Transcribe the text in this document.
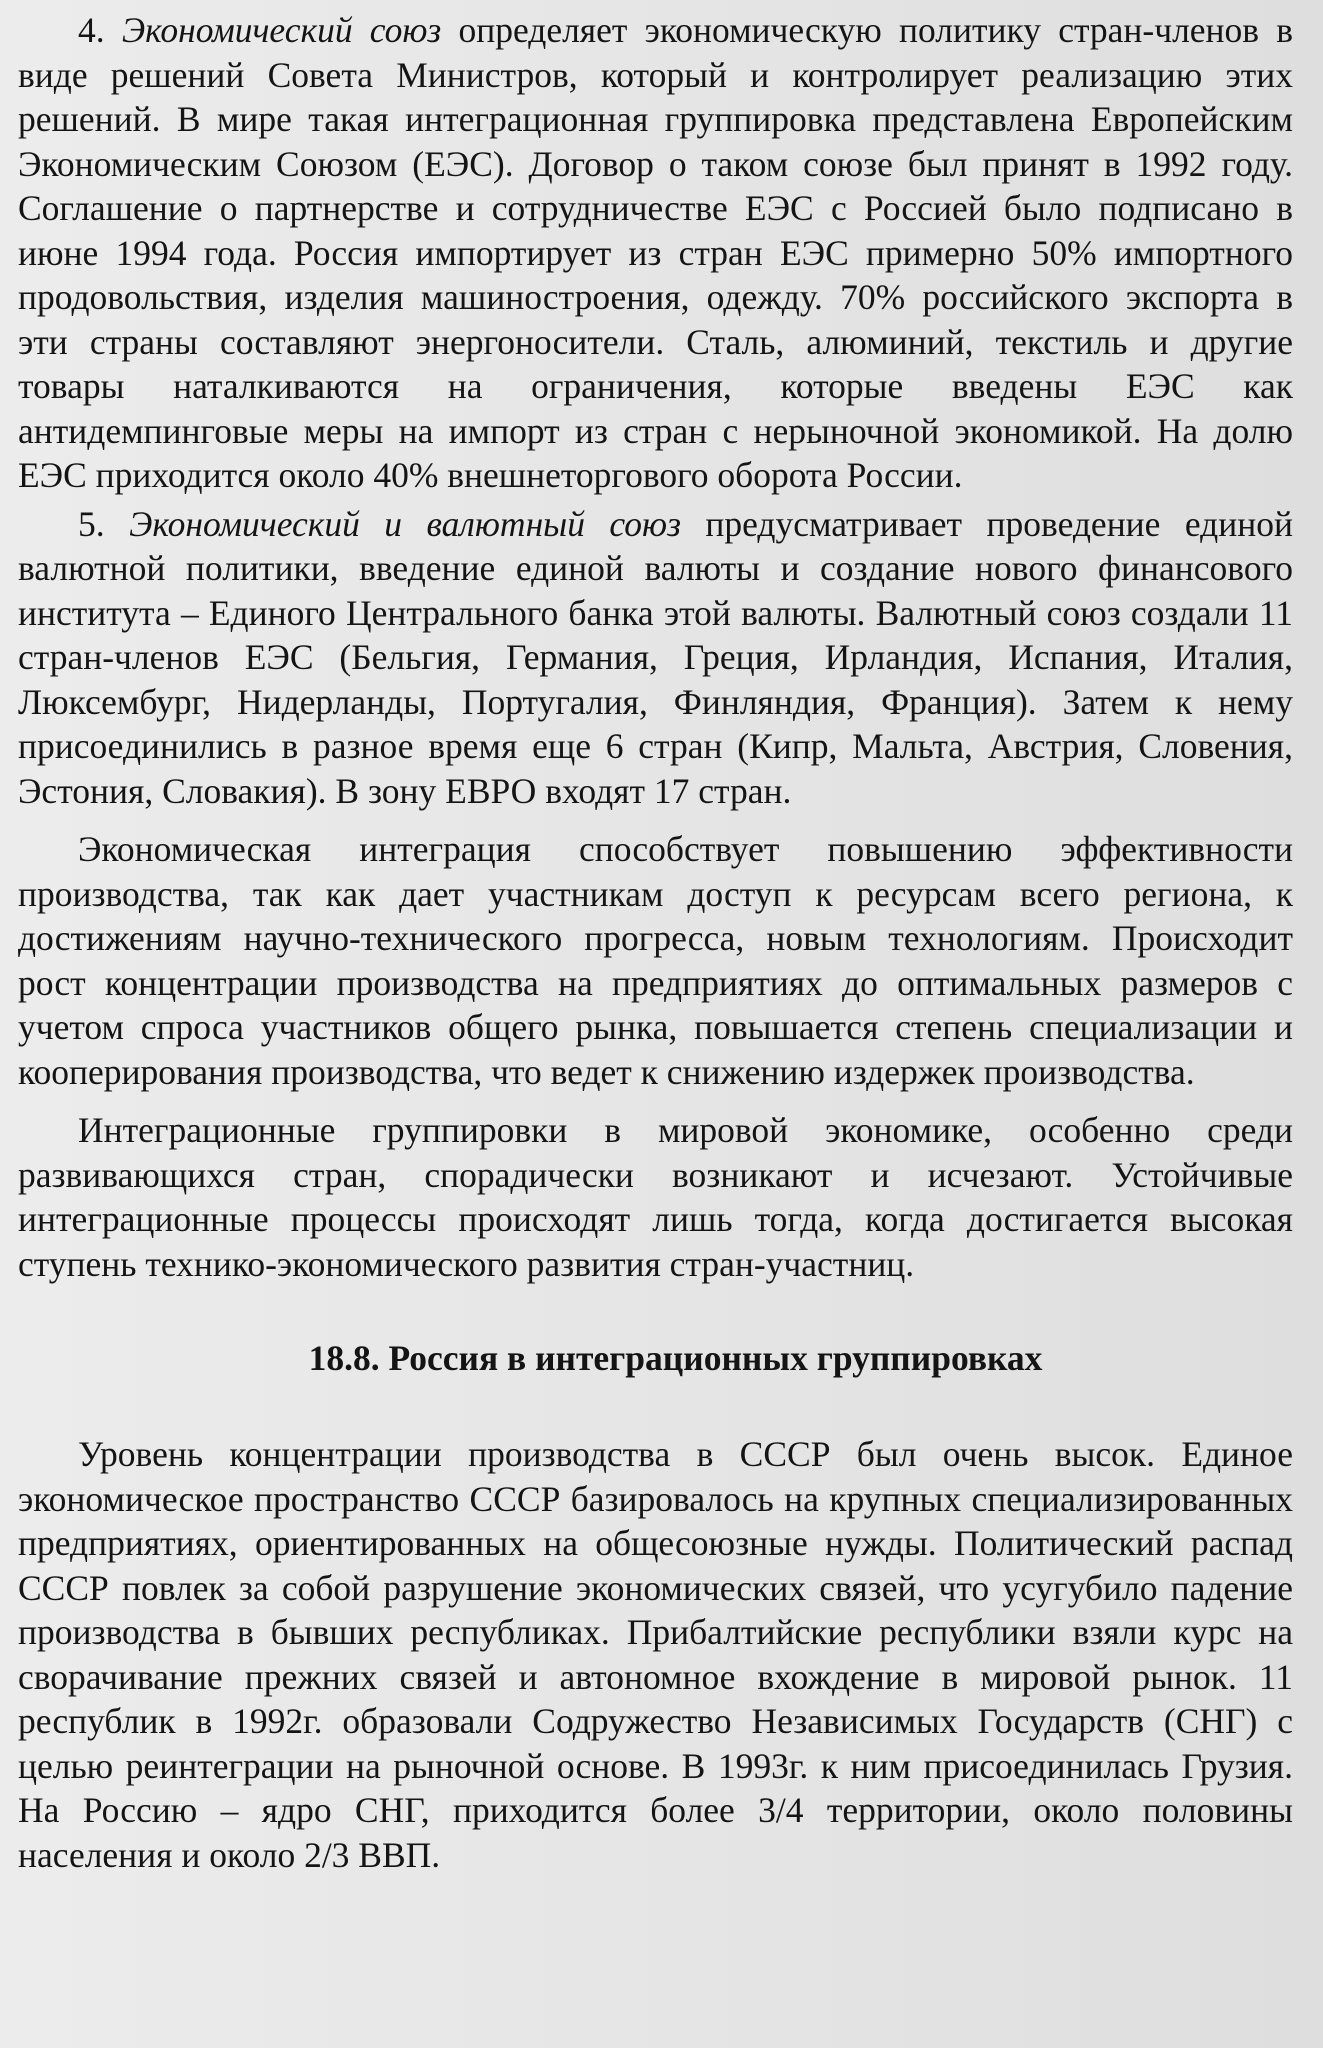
4. Экономический союз определяет экономическую политику стран-членов в виде решений Совета Министров, который и контролирует реализацию этих решений. В мире такая интеграционная группировка представлена Европейским Экономическим Союзом (ЕЭС). Договор о таком союзе был принят в 1992 году. Соглашение о партнерстве и сотрудничестве ЕЭС с Россией было подписано в июне 1994 года. Россия импортирует из стран ЕЭС примерно 50% импортного продовольствия, изделия машиностроения, одежду. 70% российского экспорта в эти страны составляют энергоносители. Сталь, алюминий, текстиль и другие товары наталкиваются на ограничения, которые введены ЕЭС как антидемпинговые меры на импорт из стран с нерыночной экономикой. На долю ЕЭС приходится около 40% внешнеторгового оборота России.

5. Экономический и валютный союз предусматривает проведение единой валютной политики, введение единой валюты и создание нового финансового института – Единого Центрального банка этой валюты. Валютный союз создали 11 стран-членов ЕЭС (Бельгия, Германия, Греция, Ирландия, Испания, Италия, Люксембург, Нидерланды, Португалия, Финляндия, Франция). Затем к нему присоединились в разное время еще 6 стран (Кипр, Мальта, Австрия, Словения, Эстония, Словакия). В зону ЕВРО входят 17 стран.

Экономическая интеграция способствует повышению эффективности производства, так как дает участникам доступ к ресурсам всего региона, к достижениям научно-технического прогресса, новым технологиям. Происходит рост концентрации производства на предприятиях до оптимальных размеров с учетом спроса участников общего рынка, повышается степень специализации и кооперирования производства, что ведет к снижению издержек производства.

Интеграционные группировки в мировой экономике, особенно среди развивающихся стран, спорадически возникают и исчезают. Устойчивые интеграционные процессы происходят лишь тогда, когда достигается высокая ступень технико-экономического развития стран-участниц.

18.8. Россия в интеграционных группировках

Уровень концентрации производства в СССР был очень высок. Единое экономическое пространство СССР базировалось на крупных специализированных предприятиях, ориентированных на общесоюзные нужды. Политический распад СССР повлек за собой разрушение экономических связей, что усугубило падение производства в бывших республиках. Прибалтийские республики взяли курс на сворачивание прежних связей и автономное вхождение в мировой рынок. 11 республик в 1992г. образовали Содружество Независимых Государств (СНГ) с целью реинтеграции на рыночной основе. В 1993г. к ним присоединилась Грузия. На Россию – ядро СНГ, приходится более 3/4 территории, около половины населения и около 2/3 ВВП.
